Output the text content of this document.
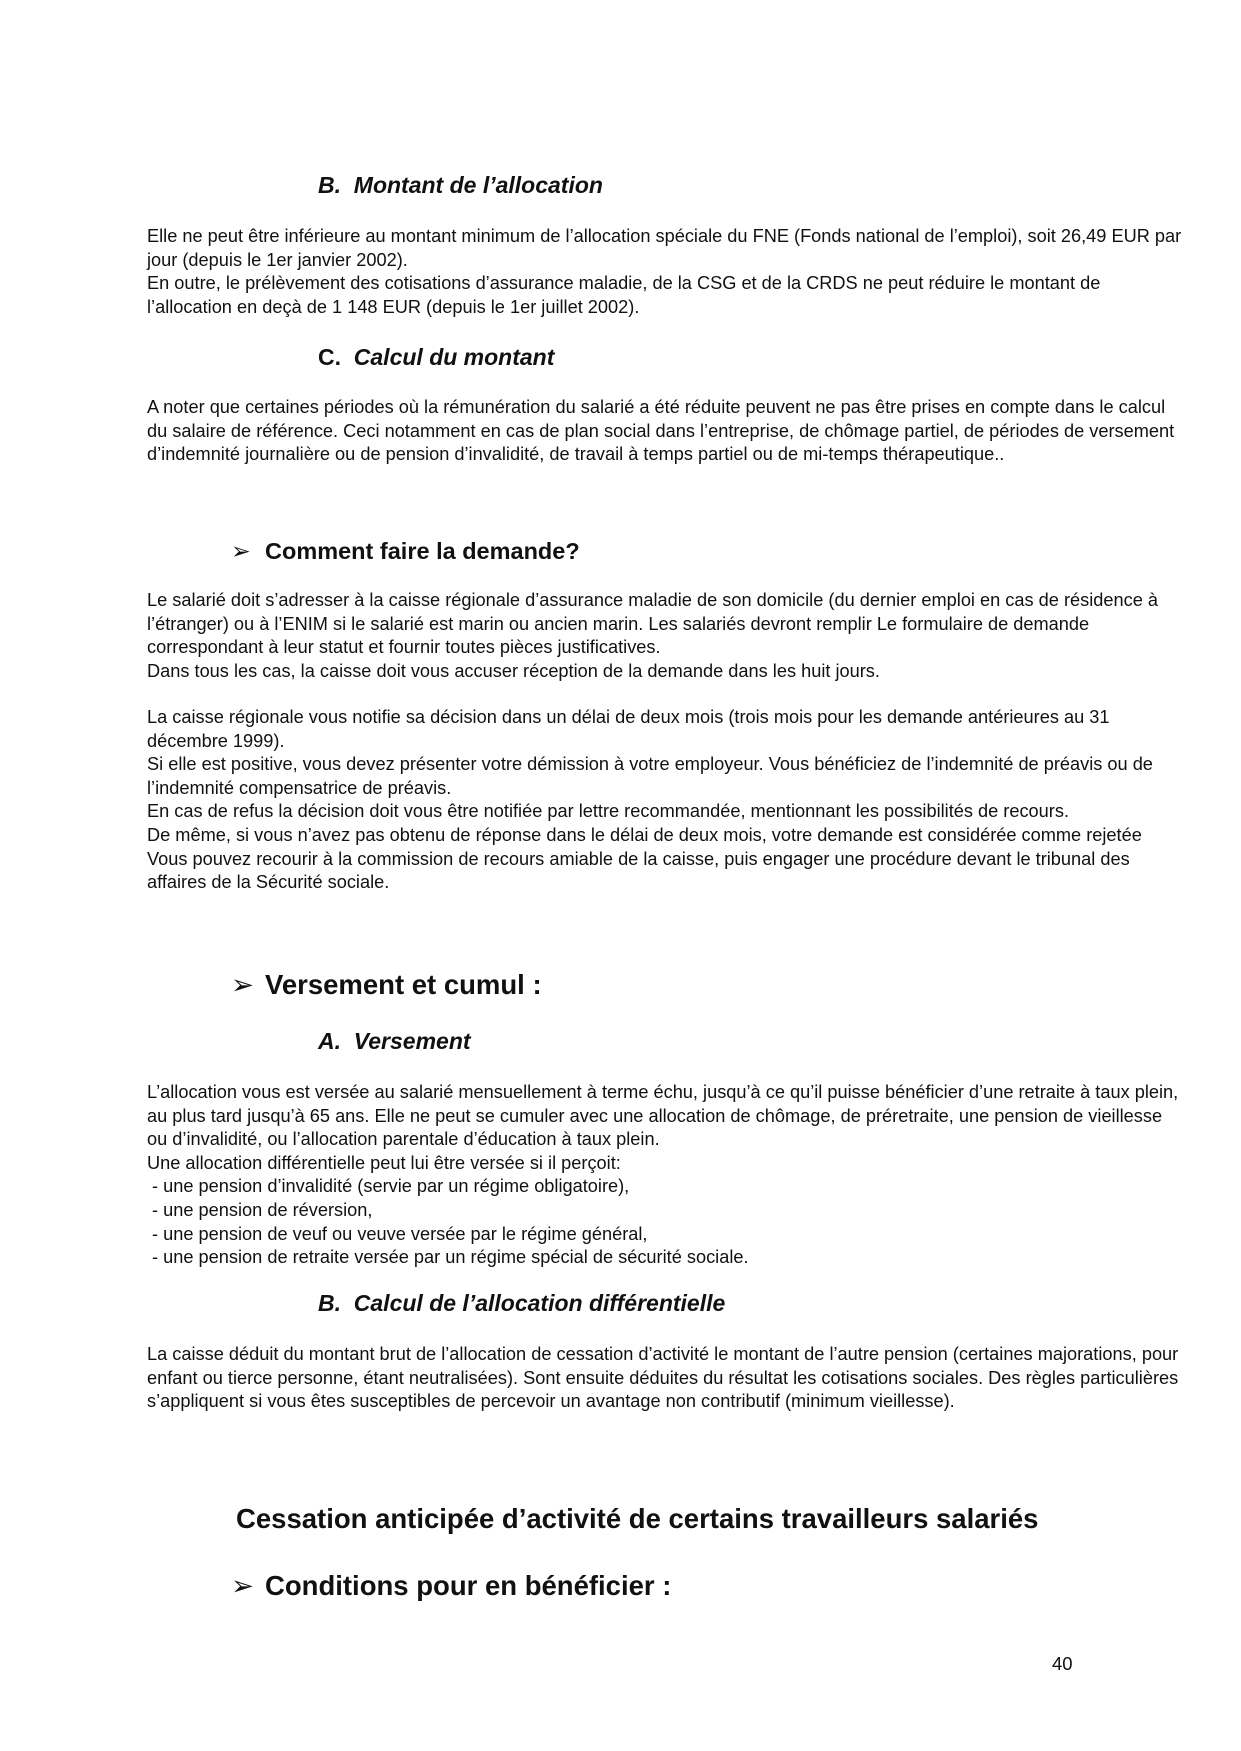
B. Montant de l’allocation

Elle ne peut être inférieure au montant minimum de l’allocation spéciale du FNE (Fonds national de l’emploi), soit 26,49 EUR par jour (depuis le 1er janvier 2002).

En outre, le prélèvement des cotisations d’assurance maladie, de la CSG et de la CRDS ne peut réduire le montant de l’allocation en deçà de 1 148 EUR (depuis le 1er juillet 2002).

C. Calcul du montant

A noter que certaines périodes où la rémunération du salarié a été réduite peuvent ne pas être prises en compte dans le calcul du salaire de référence. Ceci notamment en cas de plan social dans l’entreprise, de chômage partiel, de périodes de versement d’indemnité journalière ou de pension d’invalidité, de travail à temps partiel ou de mi-temps thérapeutique..

➢ Comment faire la demande?

Le salarié doit s’adresser à la caisse régionale d’assurance maladie de son domicile (du dernier emploi en cas de résidence à l’étranger) ou à l’ENIM si le salarié est marin ou ancien marin. Les salariés devront remplir Le formulaire de demande correspondant à leur statut et fournir toutes pièces justificatives.

Dans tous les cas, la caisse doit vous accuser réception de la demande dans les huit jours.

La caisse régionale vous notifie sa décision dans un délai de deux mois (trois mois pour les demande antérieures au 31 décembre 1999).

Si elle est positive, vous devez présenter votre démission à votre employeur. Vous bénéficiez de l’indemnité de préavis ou de l’indemnité compensatrice de préavis.

En cas de refus la décision doit vous être notifiée par lettre recommandée, mentionnant les possibilités de recours.

De même, si vous n’avez pas obtenu de réponse dans le délai de deux mois, votre demande est considérée comme rejetée Vous pouvez recourir à la commission de recours amiable de la caisse, puis engager une procédure devant le tribunal des affaires de la Sécurité sociale.

➢ Versement et cumul :
A. Versement

L’allocation vous est versée au salarié mensuellement à terme échu, jusqu’à ce qu’il puisse bénéficier d’une retraite à taux plein, au plus tard jusqu’à 65 ans. Elle ne peut se cumuler avec une allocation de chômage, de préretraite, une pension de vieillesse ou d’invalidité, ou l’allocation parentale d’éducation à taux plein.

Une allocation différentielle peut lui être versée si il perçoit:

- une pension d’invalidité (servie par un régime obligatoire),

- une pension de réversion,

- une pension de veuf ou veuve versée par le régime général,

- une pension de retraite versée par un régime spécial de sécurité sociale.

B. Calcul de l’allocation différentielle

La caisse déduit du montant brut de l’allocation de cessation d’activité le montant de l’autre pension (certaines majorations, pour enfant ou tierce personne, étant neutralisées). Sont ensuite déduites du résultat les cotisations sociales. Des règles particulières s’appliquent si vous êtes susceptibles de percevoir un avantage non contributif (minimum vieillesse).

Cessation anticipée d’activité de certains travailleurs salariés
➢ Conditions pour en bénéficier :
40
